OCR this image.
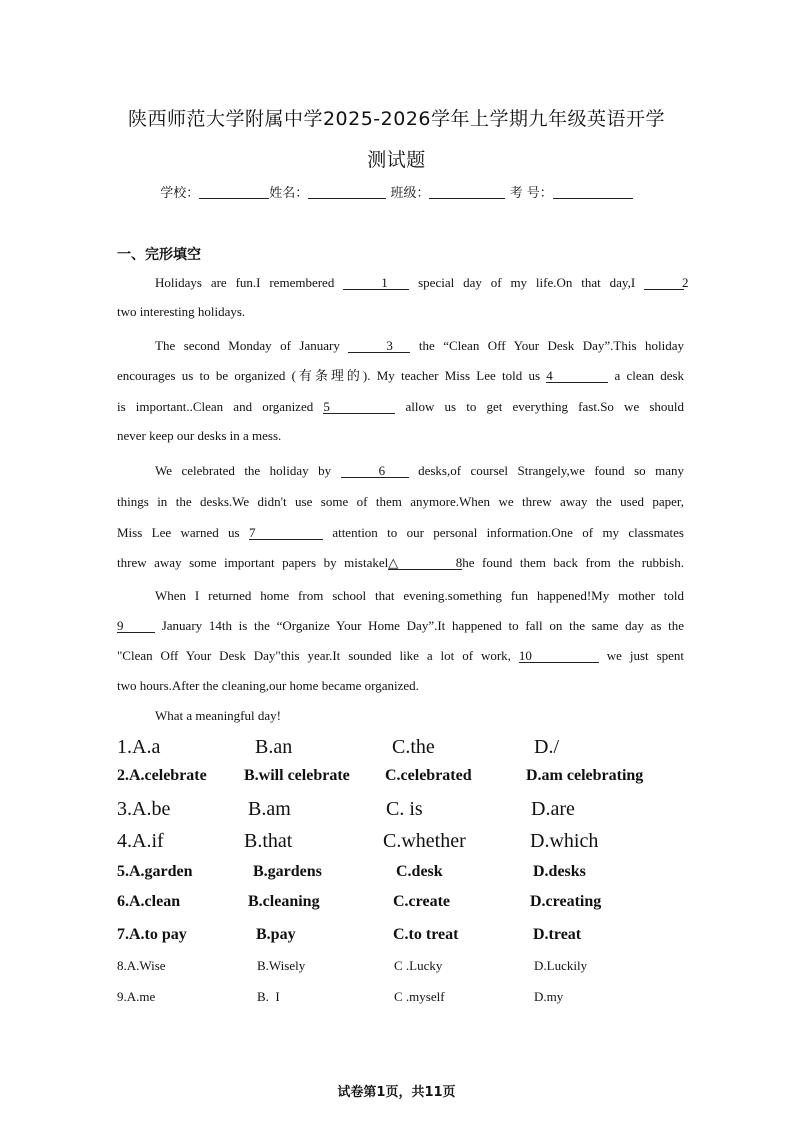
陕西师范大学附属中学2025-2026学年上学期九年级英语开学
测试题
学校：	姓名：	班级：	考 号：
一、完形填空
Holidays are fun.I remembered	1 special day of my life.On that day,I	2
two interesting holidays.
The second Monday of January	3 the “Clean Off Your Desk Day”.This holiday
encourages us to be organized (有条理的). My teacher Miss Lee told us 4	a clean desk
is important..Clean and organized 5	allow us to get everything fast.So we should
never keep our desks in a mess.
We celebrated the holiday by	6	desks,of coursel Strangely,we found so many
things in the desks.We didn't use some of them anymore.When we threw away the used paper,
Miss Lee warned us 7	attention to our personal information.One of my classmates
threw away some important papers by mistakel△8he found them back from the rubbish.
When I returned home from school that evening.something fun happened!My mother told
9	January 14th is the “Organize Your Home Day”.It happened to fall on the same day as the
"Clean Off Your Desk Day"this year.It sounded like a lot of work, 10	we just spent
two hours.After the cleaning,our home became organized.
What a meaningful day!
1.A.a	B.an	C.the	D./
2.A.celebrate B.will celebrate C.celebrated	D.am celebrating
3.A.be	B.am	C. is	D.are
4.A.if	B.that	C.whether	D.which
5.A.garden	B.gardens	C.desk	D.desks
6.A.clean	B.cleaning	C.create	D.creating
7.A.to pay	B.pay	C.to treat	D.treat
8.A.Wise	B.Wisely	C .Lucky	D.Luckily
9.A.me	B.  I	C .myself	D.my
试卷第1页，共11页
